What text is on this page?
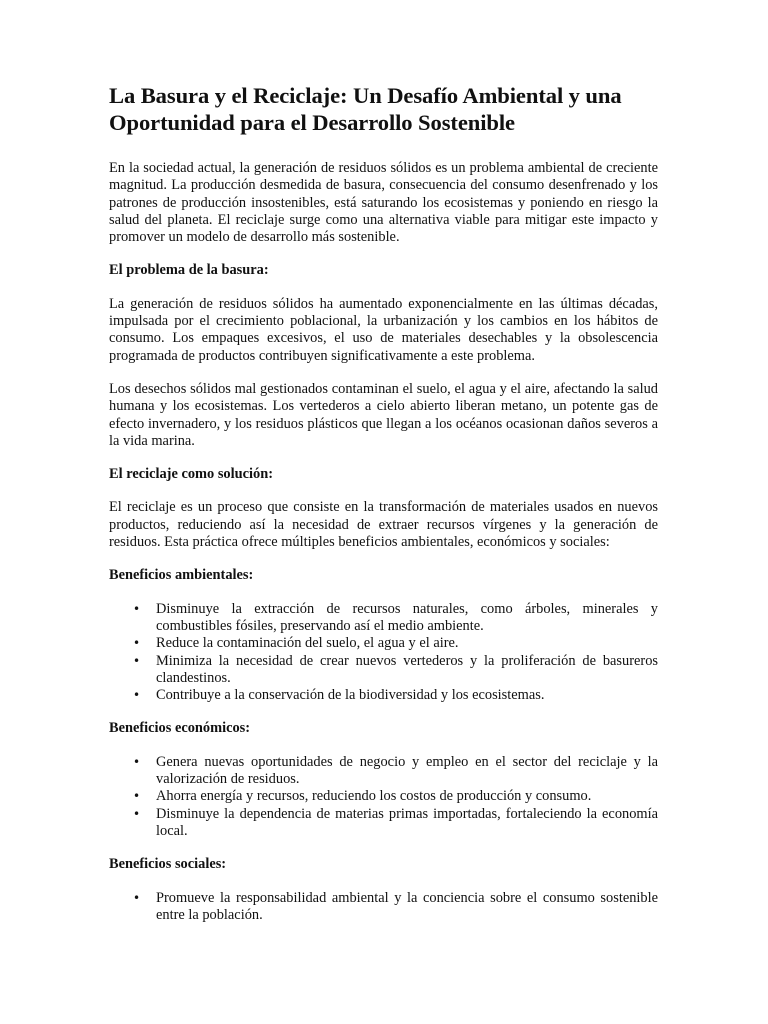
La Basura y el Reciclaje: Un Desafío Ambiental y una Oportunidad para el Desarrollo Sostenible

En la sociedad actual, la generación de residuos sólidos es un problema ambiental de creciente magnitud. La producción desmedida de basura, consecuencia del consumo desenfrenado y los patrones de producción insostenibles, está saturando los ecosistemas y poniendo en riesgo la salud del planeta. El reciclaje surge como una alternativa viable para mitigar este impacto y promover un modelo de desarrollo más sostenible.

El problema de la basura:

La generación de residuos sólidos ha aumentado exponencialmente en las últimas décadas, impulsada por el crecimiento poblacional, la urbanización y los cambios en los hábitos de consumo. Los empaques excesivos, el uso de materiales desechables y la obsolescencia programada de productos contribuyen significativamente a este problema.

Los desechos sólidos mal gestionados contaminan el suelo, el agua y el aire, afectando la salud humana y los ecosistemas. Los vertederos a cielo abierto liberan metano, un potente gas de efecto invernadero, y los residuos plásticos que llegan a los océanos ocasionan daños severos a la vida marina.

El reciclaje como solución:

El reciclaje es un proceso que consiste en la transformación de materiales usados en nuevos productos, reduciendo así la necesidad de extraer recursos vírgenes y la generación de residuos. Esta práctica ofrece múltiples beneficios ambientales, económicos y sociales:

Beneficios ambientales:
• Disminuye la extracción de recursos naturales, como árboles, minerales y combustibles fósiles, preservando así el medio ambiente.
• Reduce la contaminación del suelo, el agua y el aire.
• Minimiza la necesidad de crear nuevos vertederos y la proliferación de basureros clandestinos.
• Contribuye a la conservación de la biodiversidad y los ecosistemas.
Beneficios económicos:
• Genera nuevas oportunidades de negocio y empleo en el sector del reciclaje y la valorización de residuos.
• Ahorra energía y recursos, reduciendo los costos de producción y consumo.
• Disminuye la dependencia de materias primas importadas, fortaleciendo la economía local.
Beneficios sociales:
• Promueve la responsabilidad ambiental y la conciencia sobre el consumo sostenible entre la población.
